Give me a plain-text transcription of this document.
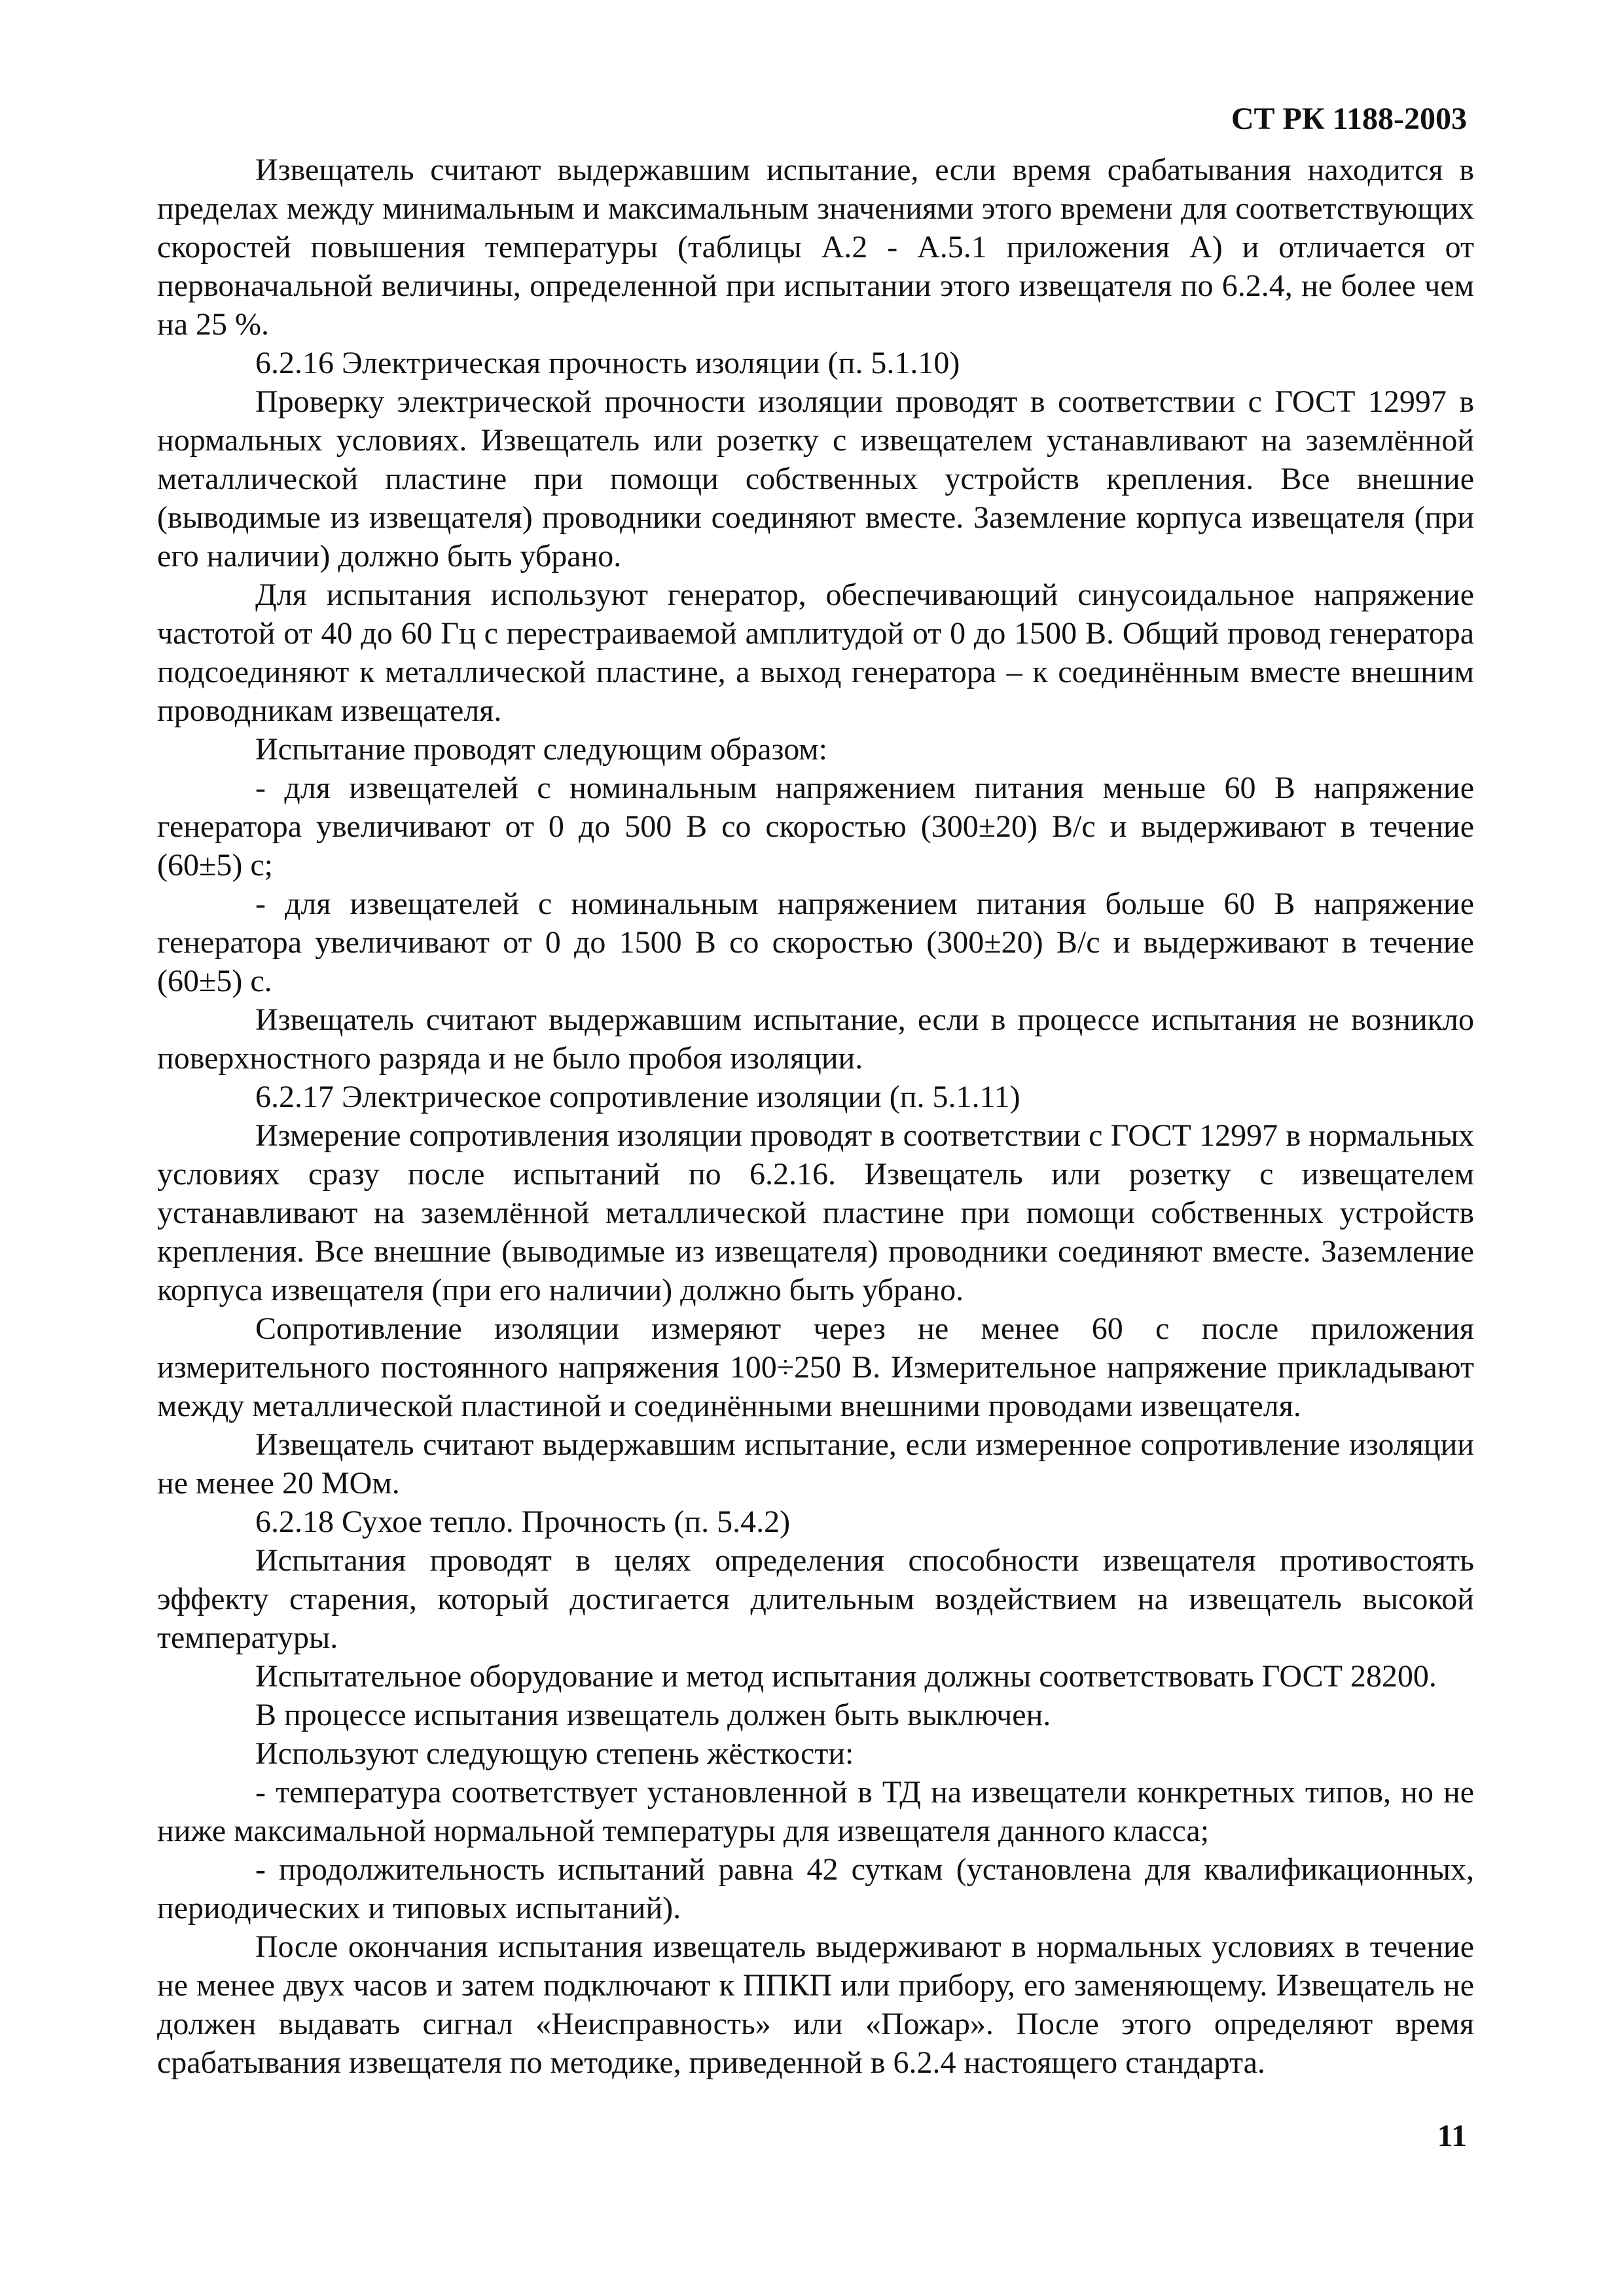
СТ РК 1188-2003

Извещатель считают выдержавшим испытание, если время срабатывания находится в пределах между минимальным и максимальным значениями этого времени для соответствующих скоростей повышения температуры (таблицы А.2 - А.5.1 приложения А) и отличается от первоначальной величины, определенной при испытании этого извещателя по 6.2.4, не более чем на 25 %.

6.2.16 Электрическая прочность изоляции (п. 5.1.10)

Проверку электрической прочности изоляции проводят в соответствии с ГОСТ 12997 в нормальных условиях. Извещатель или розетку с извещателем устанавливают на заземлённой металлической пластине при помощи собственных устройств крепления. Все внешние (выводимые из извещателя) проводники соединяют вместе. Заземление корпуса извещателя (при его наличии) должно быть убрано.

Для испытания используют генератор, обеспечивающий синусоидальное напряжение частотой от 40 до 60 Гц с перестраиваемой амплитудой от 0 до 1500 В. Общий провод генератора подсоединяют к металлической пластине, а выход генератора – к соединённым вместе внешним проводникам извещателя.

Испытание проводят следующим образом:

- для извещателей с номинальным напряжением питания меньше 60 В напряжение генератора увеличивают от 0 до 500 В со скоростью (300±20) В/с и выдерживают в течение (60±5) с;

- для извещателей с номинальным напряжением питания больше 60 В напряжение генератора увеличивают от 0 до 1500 В со скоростью (300±20) В/с и выдерживают в течение (60±5) с.

Извещатель считают выдержавшим испытание, если в процессе испытания не возникло поверхностного разряда и не было пробоя изоляции.

6.2.17 Электрическое сопротивление изоляции (п. 5.1.11)

Измерение сопротивления изоляции проводят в соответствии с ГОСТ 12997 в нормальных условиях сразу после испытаний по 6.2.16. Извещатель или розетку с извещателем устанавливают на заземлённой металлической пластине при помощи собственных устройств крепления. Все внешние (выводимые из извещателя) проводники соединяют вместе. Заземление корпуса извещателя (при его наличии) должно быть убрано.

Сопротивление изоляции измеряют через не менее 60 с после приложения измерительного постоянного напряжения 100÷250 В. Измерительное напряжение прикладывают между металлической пластиной и соединёнными внешними проводами извещателя.

Извещатель считают выдержавшим испытание, если измеренное сопротивление изоляции не менее 20 МОм.

6.2.18 Сухое тепло. Прочность (п. 5.4.2)

Испытания проводят в целях определения способности извещателя противостоять эффекту старения, который достигается длительным воздействием на извещатель высокой температуры.

Испытательное оборудование и метод испытания должны соответствовать ГОСТ 28200.

В процессе испытания извещатель должен быть выключен.

Используют следующую степень жёсткости:

- температура соответствует установленной в ТД на извещатели конкретных типов, но не ниже максимальной нормальной температуры для извещателя данного класса;

- продолжительность испытаний равна 42 суткам (установлена для квалификационных, периодических и типовых испытаний).

После окончания испытания извещатель выдерживают в нормальных условиях в течение не менее двух часов и затем подключают к ППКП или прибору, его заменяющему. Извещатель не должен выдавать сигнал «Неисправность» или «Пожар». После этого определяют время срабатывания извещателя по методике, приведенной в 6.2.4 настоящего стандарта.

11
